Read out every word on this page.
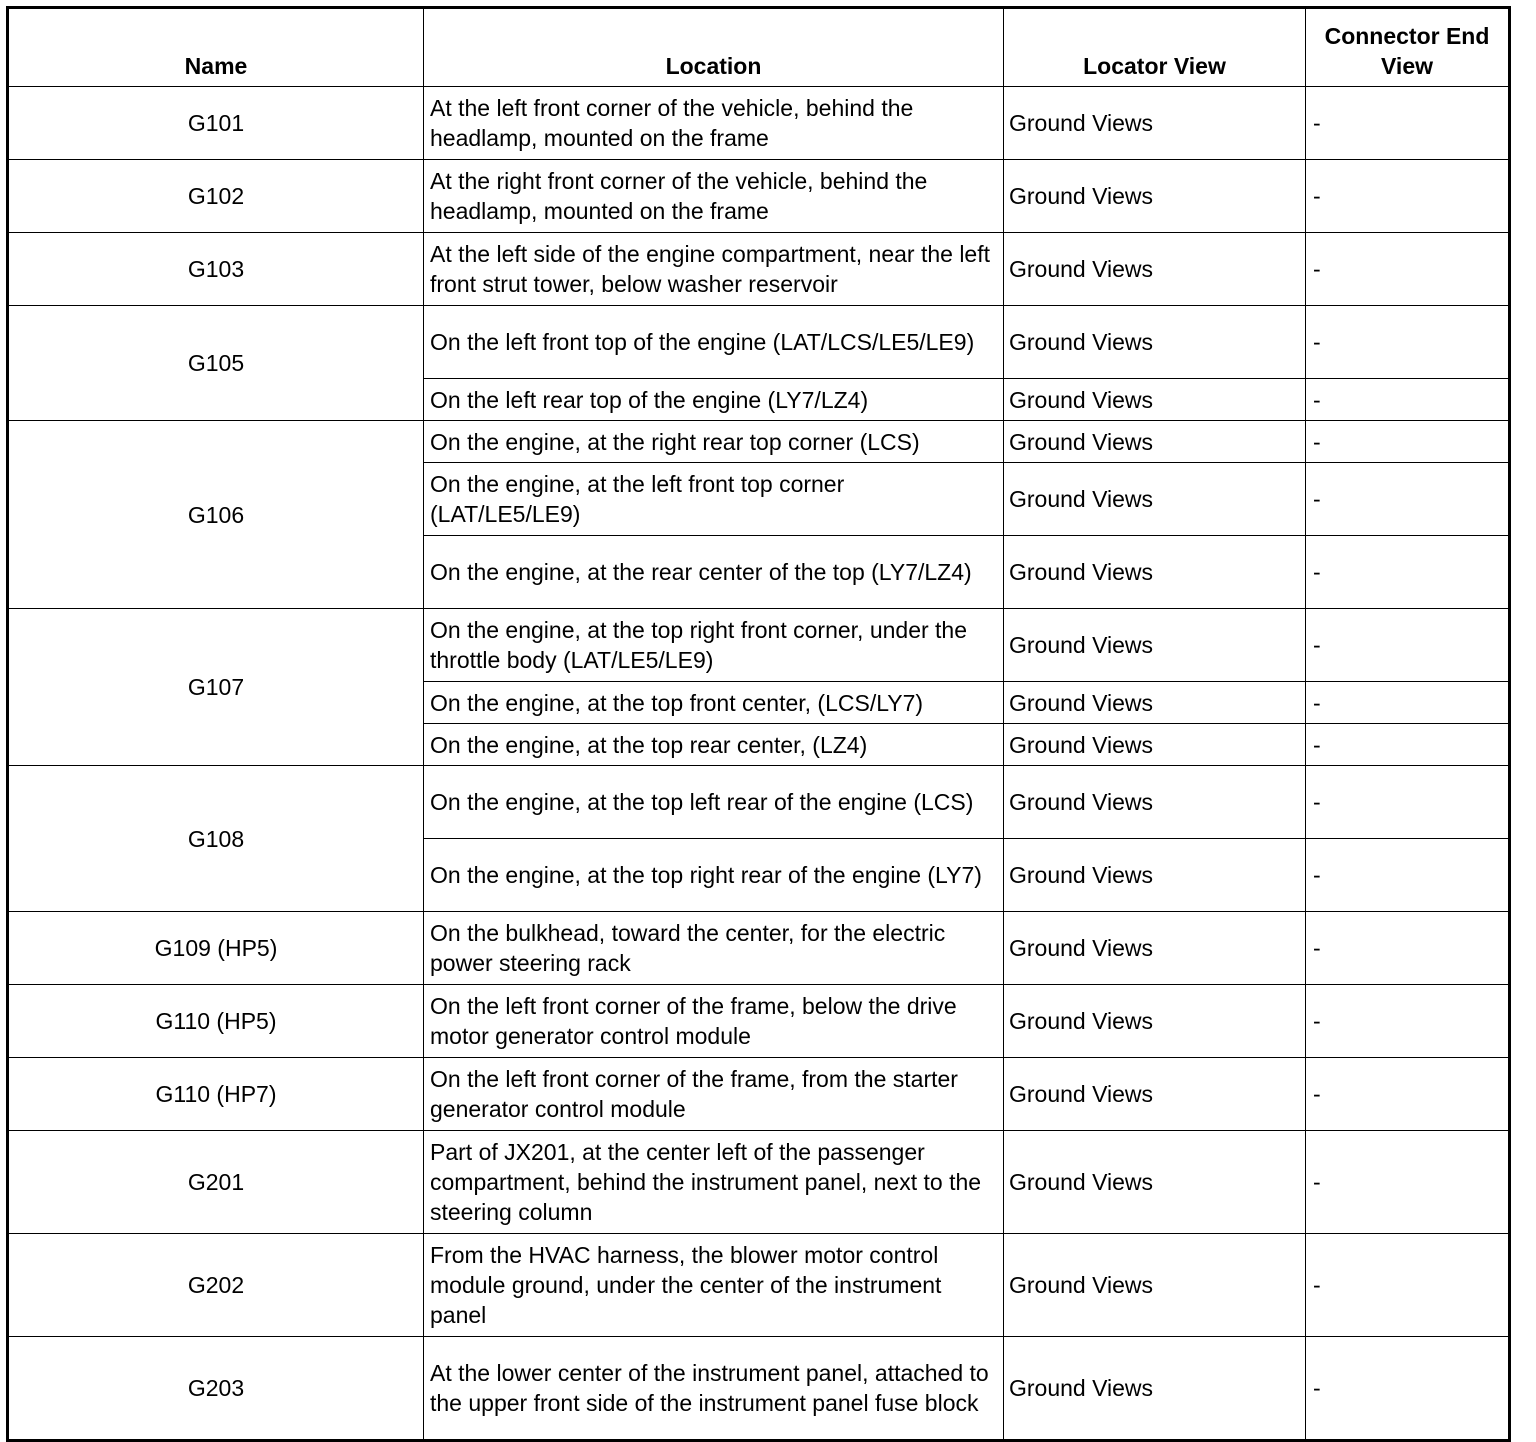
Name	Location	Locator View	Connector End View
G101	At the left front corner of the vehicle, behind the headlamp, mounted on the frame	Ground Views	-
G102	At the right front corner of the vehicle, behind the headlamp, mounted on the frame	Ground Views	-
G103	At the left side of the engine compartment, near the left front strut tower, below washer reservoir	Ground Views	-
G105	On the left front top of the engine (LAT/LCS/LE5/LE9)	Ground Views	-
	On the left rear top of the engine (LY7/LZ4)	Ground Views	-
G106	On the engine, at the right rear top corner (LCS)	Ground Views	-
	On the engine, at the left front top corner (LAT/LE5/LE9)	Ground Views	-
	On the engine, at the rear center of the top (LY7/LZ4)	Ground Views	-
G107	On the engine, at the top right front corner, under the throttle body (LAT/LE5/LE9)	Ground Views	-
	On the engine, at the top front center, (LCS/LY7)	Ground Views	-
	On the engine, at the top rear center, (LZ4)	Ground Views	-
G108	On the engine, at the top left rear of the engine (LCS)	Ground Views	-
	On the engine, at the top right rear of the engine (LY7)	Ground Views	-
G109 (HP5)	On the bulkhead, toward the center, for the electric power steering rack	Ground Views	-
G110 (HP5)	On the left front corner of the frame, below the drive motor generator control module	Ground Views	-
G110 (HP7)	On the left front corner of the frame, from the starter generator control module	Ground Views	-
G201	Part of JX201, at the center left of the passenger compartment, behind the instrument panel, next to the steering column	Ground Views	-
G202	From the HVAC harness, the blower motor control module ground, under the center of the instrument panel	Ground Views	-
G203	At the lower center of the instrument panel, attached to the upper front side of the instrument panel fuse block	Ground Views	-
